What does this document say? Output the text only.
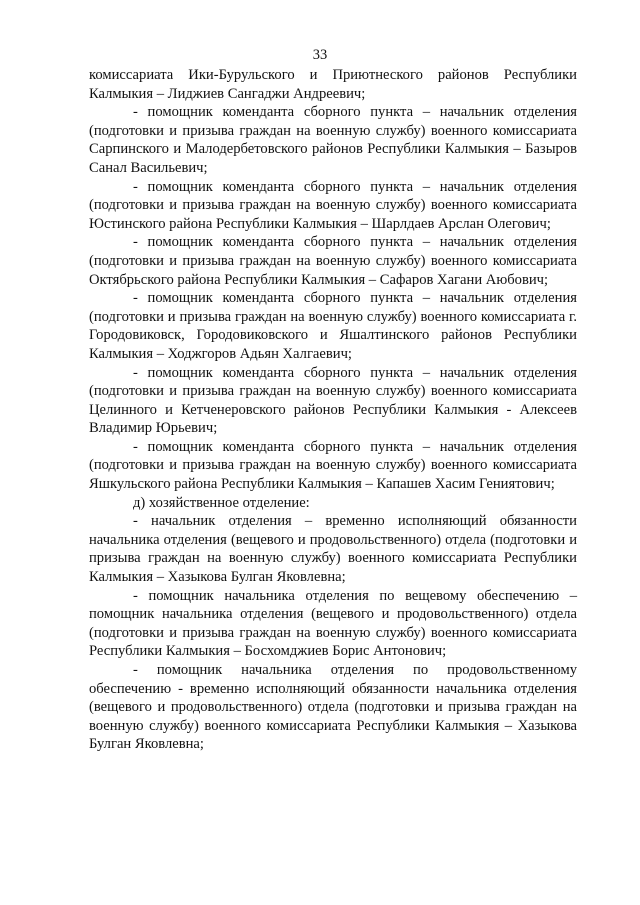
33

комиссариата Ики-Бурульского и Приютнеского районов Республики Калмыкия – Лиджиев Сангаджи Андреевич;

- помощник коменданта сборного пункта – начальник отделения (подготовки и призыва граждан на военную службу) военного комиссариата Сарпинского и Малодербетовского районов Республики Калмыкия – Базыров Санал Васильевич;

- помощник коменданта сборного пункта – начальник отделения (подготовки и призыва граждан на военную службу) военного комиссариата Юстинского района Республики Калмыкия – Шарлдаев Арслан Олегович;

- помощник коменданта сборного пункта – начальник отделения (подготовки и призыва граждан на военную службу) военного комиссариата Октябрьского района Республики Калмыкия – Сафаров Хагани Аюбович;

- помощник коменданта сборного пункта – начальник отделения (подготовки и призыва граждан на военную службу) военного комиссариата г. Городовиковск, Городовиковского и Яшалтинского районов Республики Калмыкия – Ходжгоров Адьян Халгаевич;

- помощник коменданта сборного пункта – начальник отделения (подготовки и призыва граждан на военную службу) военного комиссариата Целинного и Кетченеровского районов Республики Калмыкия - Алексеев Владимир Юрьевич;

- помощник коменданта сборного пункта – начальник отделения (подготовки и призыва граждан на военную службу) военного комиссариата Яшкульского района Республики Калмыкия – Капашев Хасим Гениятович;

д) хозяйственное отделение:

- начальник отделения – временно исполняющий обязанности начальника отделения (вещевого и продовольственного) отдела (подготовки и призыва граждан на военную службу) военного комиссариата Республики Калмыкия – Хазыкова Булган Яковлевна;

- помощник начальника отделения по вещевому обеспечению – помощник начальника отделения (вещевого и продовольственного) отдела (подготовки и призыва граждан на военную службу) военного комиссариата Республики Калмыкия – Босхомджиев Борис Антонович;

- помощник начальника отделения по продовольственному обеспечению - временно исполняющий обязанности начальника отделения (вещевого и продовольственного) отдела (подготовки и призыва граждан на военную службу) военного комиссариата Республики Калмыкия – Хазыкова Булган Яковлевна;
